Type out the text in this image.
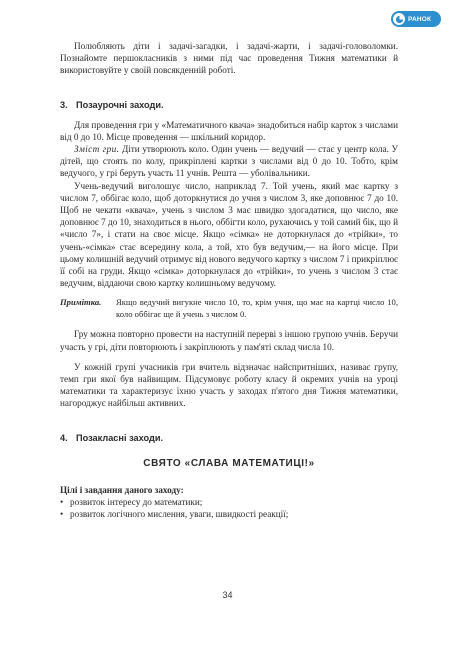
РАНОК

Полюбляють діти і задачі-загадки, і задачі-жарти, і задачі-головоломки. Познайомте першокласників з ними під час проведення Тижня математики й використовуйте у своїй повсякденній роботі.

3. Позаурочні заходи.

Для проведення гри у «Математичного квача» знадобиться набір карток з числами від 0 до 10. Місце проведення — шкільний коридор.

Зміст гри. Діти утворюють коло. Один учень — ведучий — стає у центр кола. У дітей, що стоять по колу, прикріплені картки з числами від 0 до 10. Тобто, крім ведучого, у грі беруть участь 11 учнів. Решта — уболівальники.

Учень-ведучий виголошує число, наприклад 7. Той учень, який має картку з числом 7, оббігає коло, щоб доторкнутися до учня з числом 3, яке доповнює 7 до 10. Щоб не чекати «квача», учень з числом 3 має швидко здогадатися, що число, яке доповнює 7 до 10, знаходиться в нього, оббігти коло, рухаючись у той самий бік, що й «число 7», і стати на своє місце. Якщо «сімка» не доторкнулася до «трійки», то учень-«сімка» стає всередину кола, а той, хто був ведучим,— на його місце. При цьому колишній ведучий отримує від нового ведучого картку з числом 7 і прикріплює її собі на груди. Якщо «сімка» доторкнулася до «трійки», то учень з числом 3 стає ведучим, віддаючи свою картку колишньому ведучому.

Примітка.	Якщо ведучий вигукне число 10, то, крім учня, що має на картці число 10, коло оббігає ще й учень з числом 0.

Гру можна повторно провести на наступній перерві з іншою групою учнів. Беручи участь у грі, діти повторюють і закріплюють у пам'яті склад числа 10.

У кожній групі учасників гри вчитель відзначає найспритніших, називає групу, темп гри якої був найвищим. Підсумовує роботу класу й окремих учнів на уроці математики та характеризує їхню участь у заходах п'ятого дня Тижня математики, нагороджує найбільш активних.

4. Позакласні заходи.
СВЯТО «СЛАВА МАТЕМАТИЦІ!»

Цілі і завдання даного заходу:

• розвиток інтересу до математики;
• розвиток логічного мислення, уваги, швидкості реакції;
34
